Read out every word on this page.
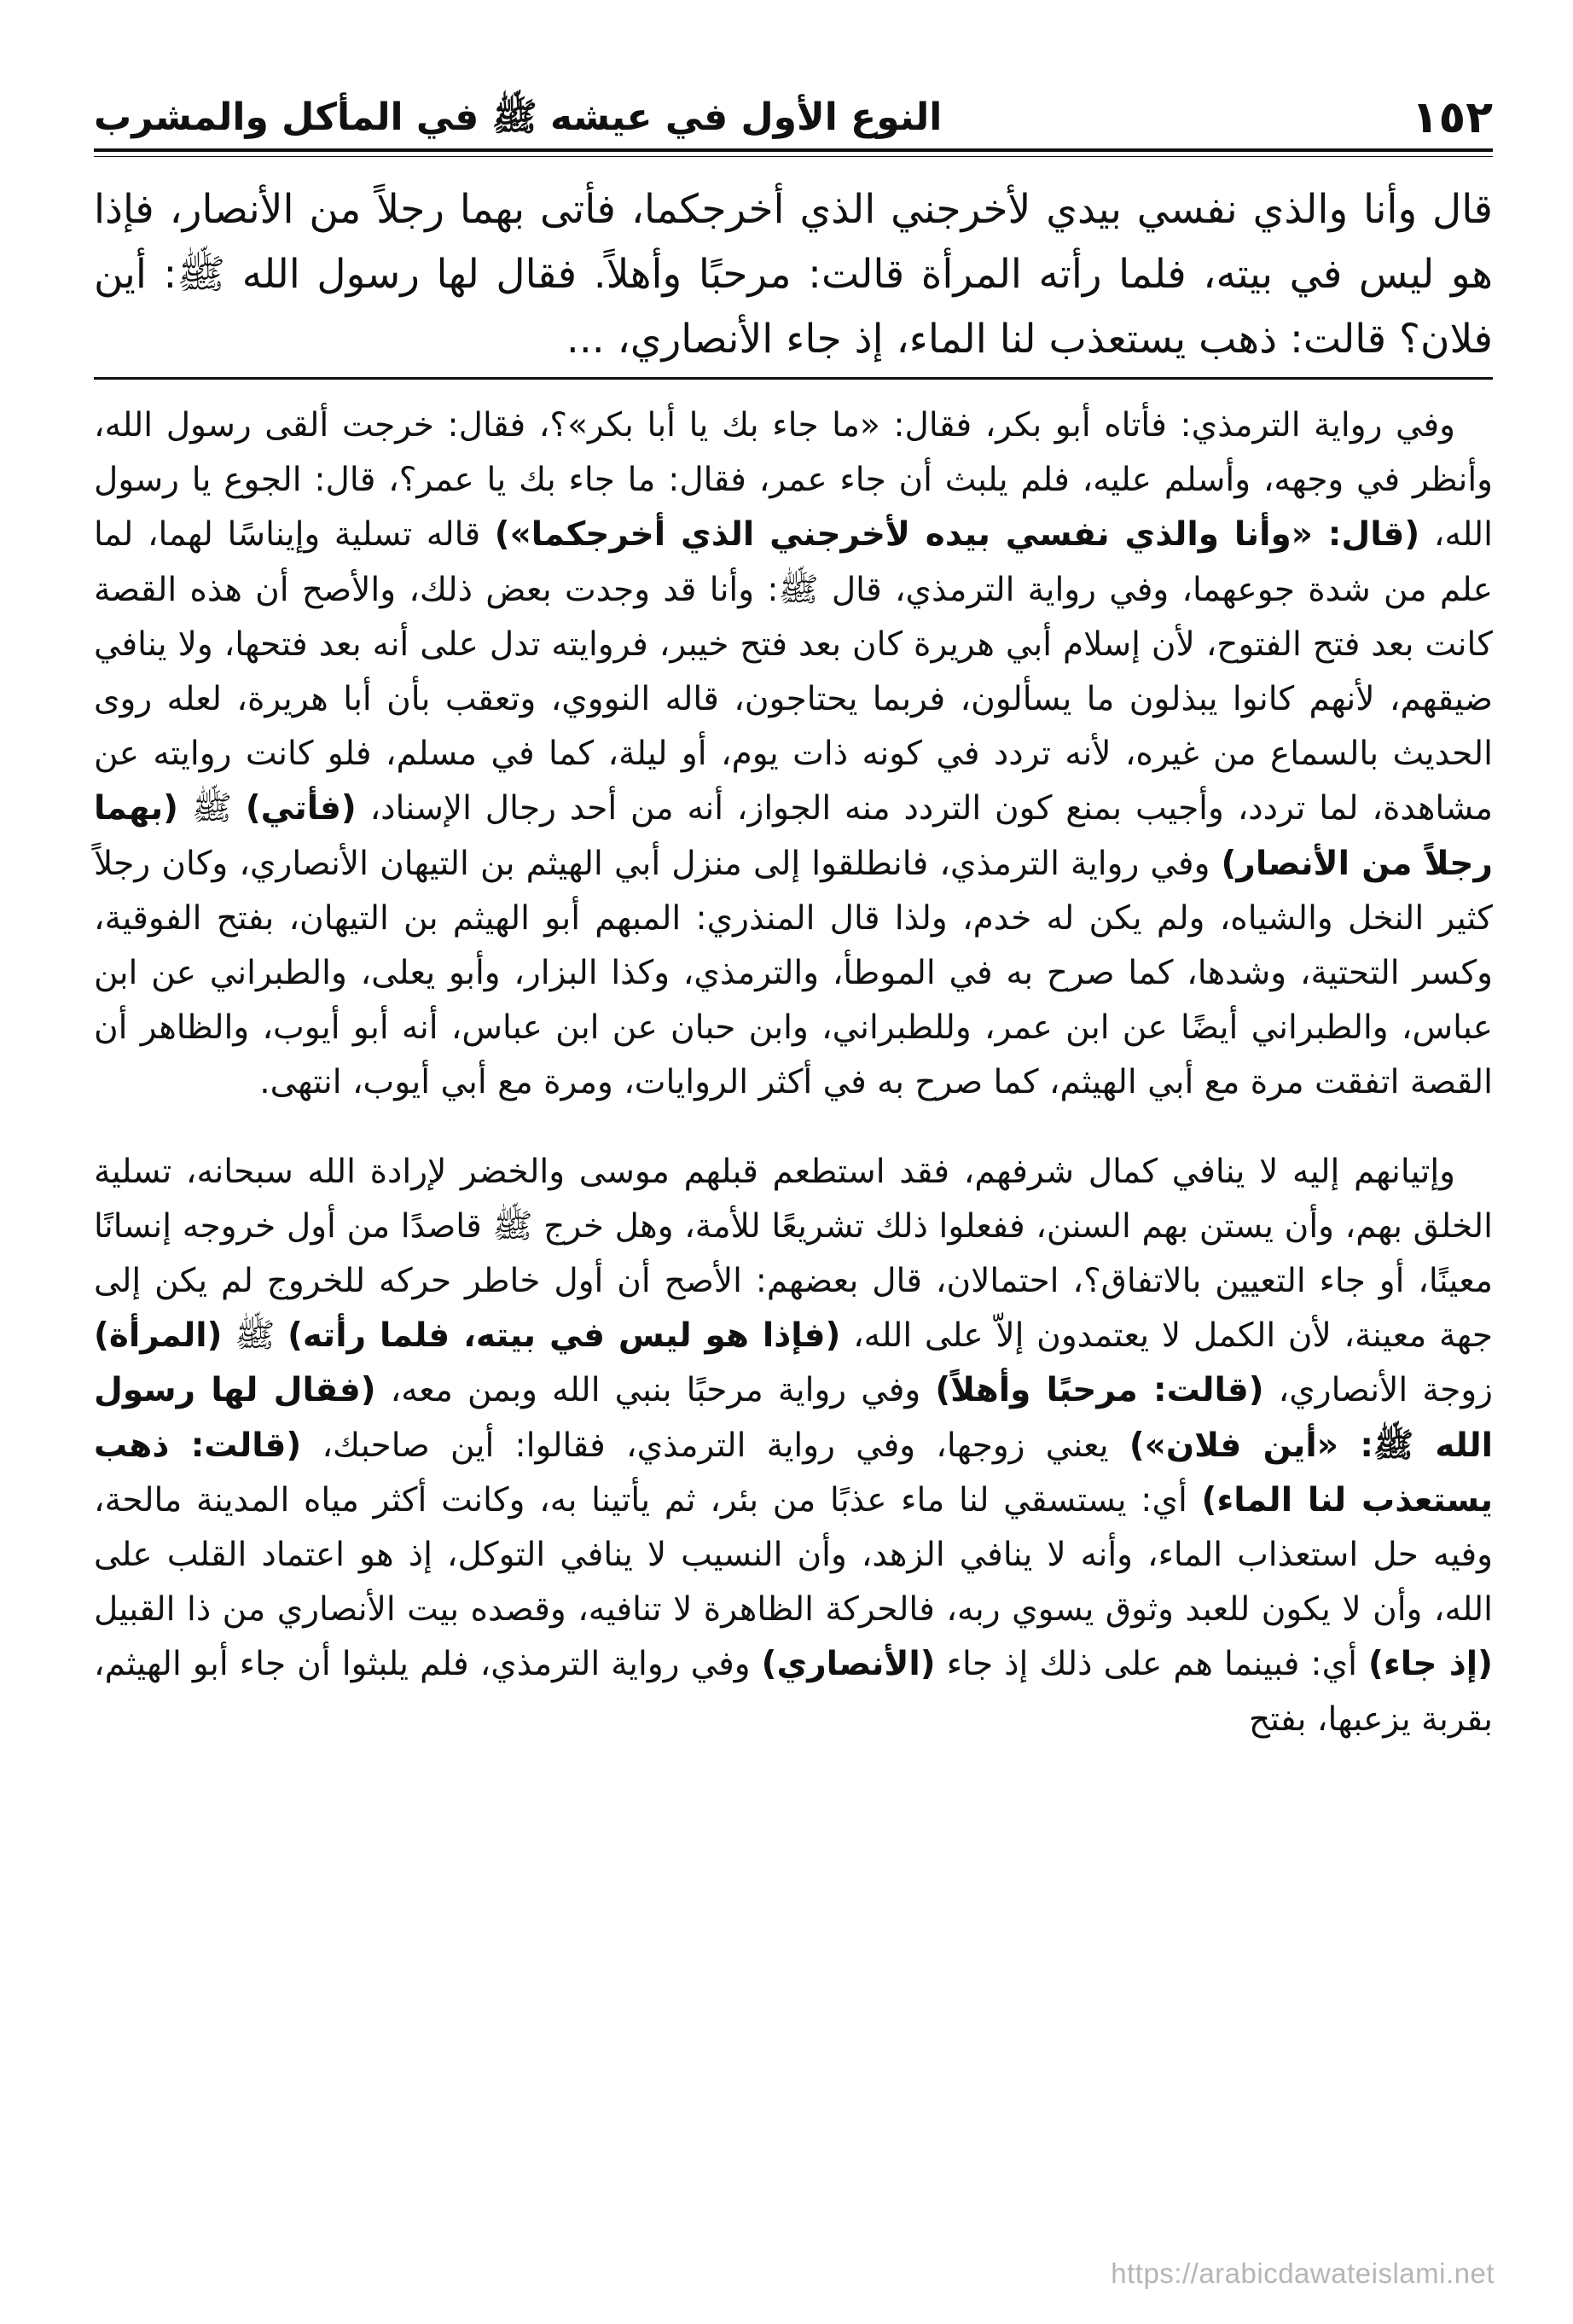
١٥٢
النوع الأول في عيشه ﷺ في المأكل والمشرب

قال وأنا والذي نفسي بيدي لأخرجني الذي أخرجكما، فأتى بهما رجلاً من الأنصار، فإذا هو ليس في بيته، فلما رأته المرأة قالت: مرحبًا وأهلاً. فقال لها رسول الله ﷺ: أين فلان؟ قالت: ذهب يستعذب لنا الماء، إذ جاء الأنصاري، ...

وفي رواية الترمذي: فأتاه أبو بكر، فقال: «ما جاء بك يا أبا بكر»؟، فقال: خرجت ألقى رسول الله، وأنظر في وجهه، وأسلم عليه، فلم يلبث أن جاء عمر، فقال: ما جاء بك يا عمر؟، قال: الجوع يا رسول الله، (قال: «وأنا والذي نفسي بيده لأخرجني الذي أخرجكما») قاله تسلية وإيناسًا لهما، لما علم من شدة جوعهما، وفي رواية الترمذي، قال ﷺ: وأنا قد وجدت بعض ذلك، والأصح أن هذه القصة كانت بعد فتح الفتوح، لأن إسلام أبي هريرة كان بعد فتح خيبر، فروايته تدل على أنه بعد فتحها، ولا ينافي ضيقهم، لأنهم كانوا يبذلون ما يسألون، فربما يحتاجون، قاله النووي، وتعقب بأن أبا هريرة، لعله روى الحديث بالسماع من غيره، لأنه تردد في كونه ذات يوم، أو ليلة، كما في مسلم، فلو كانت روايته عن مشاهدة، لما تردد، وأجيب بمنع كون التردد منه الجواز، أنه من أحد رجال الإسناد، (فأتي) ﷺ (بهما رجلاً من الأنصار) وفي رواية الترمذي، فانطلقوا إلى منزل أبي الهيثم بن التيهان الأنصاري، وكان رجلاً كثير النخل والشياه، ولم يكن له خدم، ولذا قال المنذري: المبهم أبو الهيثم بن التيهان، بفتح الفوقية، وكسر التحتية، وشدها، كما صرح به في الموطأ، والترمذي، وكذا البزار، وأبو يعلى، والطبراني عن ابن عباس، والطبراني أيضًا عن ابن عمر، وللطبراني، وابن حبان عن ابن عباس، أنه أبو أيوب، والظاهر أن القصة اتفقت مرة مع أبي الهيثم، كما صرح به في أكثر الروايات، ومرة مع أبي أيوب، انتهى.

وإتيانهم إليه لا ينافي كمال شرفهم، فقد استطعم قبلهم موسى والخضر لإرادة الله سبحانه، تسلية الخلق بهم، وأن يستن بهم السنن، ففعلوا ذلك تشريعًا للأمة، وهل خرج ﷺ قاصدًا من أول خروجه إنسانًا معينًا، أو جاء التعيين بالاتفاق؟، احتمالان، قال بعضهم: الأصح أن أول خاطر حركه للخروج لم يكن إلى جهة معينة، لأن الكمل لا يعتمدون إلاّ على الله، (فإذا هو ليس في بيته، فلما رأته) ﷺ (المرأة) زوجة الأنصاري، (قالت: مرحبًا وأهلاً) وفي رواية مرحبًا بنبي الله وبمن معه، (فقال لها رسول الله ﷺ: «أين فلان») يعني زوجها، وفي رواية الترمذي، فقالوا: أين صاحبك، (قالت: ذهب يستعذب لنا الماء) أي: يستسقي لنا ماء عذبًا من بئر، ثم يأتينا به، وكانت أكثر مياه المدينة مالحة، وفيه حل استعذاب الماء، وأنه لا ينافي الزهد، وأن النسيب لا ينافي التوكل، إذ هو اعتماد القلب على الله، وأن لا يكون للعبد وثوق يسوي ربه، فالحركة الظاهرة لا تنافيه، وقصده بيت الأنصاري من ذا القبيل (إذ جاء) أي: فبينما هم على ذلك إذ جاء (الأنصاري) وفي رواية الترمذي، فلم يلبثوا أن جاء أبو الهيثم، بقربة يزعبها، بفتح

https://arabicdawateislami.net
